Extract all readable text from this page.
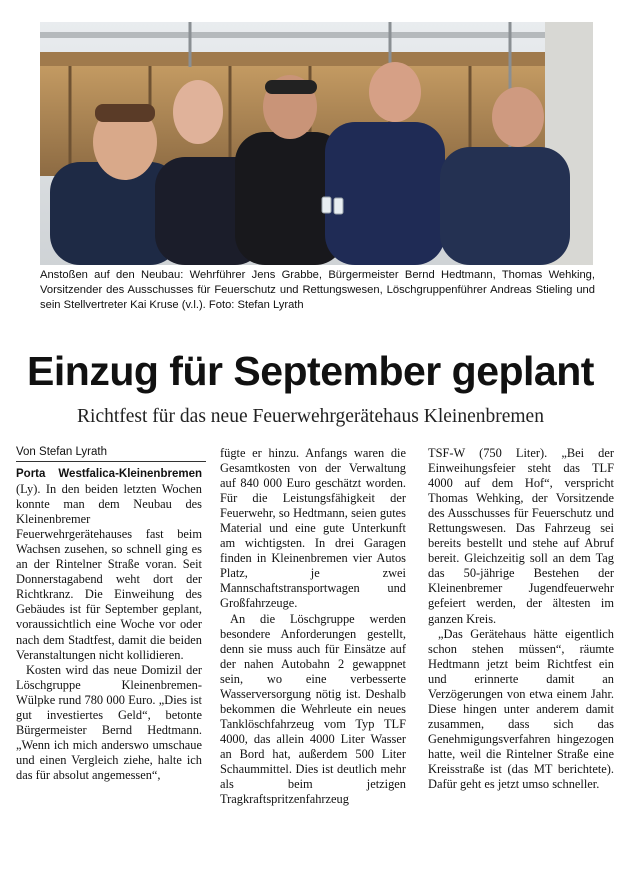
Anstoßen auf den Neubau: Wehrführer Jens Grabbe, Bürgermeister Bernd Hedtmann, Thomas Wehking, Vorsitzender des Ausschusses für Feuerschutz und Rettungswesen, Löschgruppenführer Andreas Stieling und sein Stellvertreter Kai Kruse (v.l.). Foto: Stefan Lyrath
Einzug für September geplant
Richtfest für das neue Feuerwehrgerätehaus Kleinenbremen
Von Stefan Lyrath

Porta Westfalica-Kleinenbremen (Ly). In den beiden letzten Wochen konnte man dem Neubau des Kleinenbremer Feuerwehrgerätehauses fast beim Wachsen zusehen, so schnell ging es an der Rintelner Straße voran. Seit Donnerstagabend weht dort der Richtkranz. Die Einweihung des Gebäudes ist für September geplant, voraussichtlich eine Woche vor oder nach dem Stadtfest, damit die beiden Veranstaltungen nicht kollidieren.

Kosten wird das neue Domizil der Löschgruppe Kleinenbremen-Wülpke rund 780 000 Euro. „Dies ist gut investiertes Geld“, betonte Bürgermeister Bernd Hedtmann. „Wenn ich mich anderswo umschaue und einen Vergleich ziehe, halte ich das für absolut angemessen“,

fügte er hinzu. Anfangs waren die Gesamtkosten von der Verwaltung auf 840 000 Euro geschätzt worden. Für die Leistungsfähigkeit der Feuerwehr, so Hedtmann, seien gutes Material und eine gute Unterkunft am wichtigsten. In drei Garagen finden in Kleinenbremen vier Autos Platz, je zwei Mannschaftstransportwagen und Großfahrzeuge.

An die Löschgruppe werden besondere Anforderungen gestellt, denn sie muss auch für Einsätze auf der nahen Autobahn 2 gewappnet sein, wo eine verbesserte Wasserversorgung nötig ist. Deshalb bekommen die Wehrleute ein neues Tanklöschfahrzeug vom Typ TLF 4000, das allein 4000 Liter Wasser an Bord hat, außerdem 500 Liter Schaummittel. Dies ist deutlich mehr als beim jetzigen Tragkraftspritzenfahrzeug

TSF-W (750 Liter). „Bei der Einweihungsfeier steht das TLF 4000 auf dem Hof“, verspricht Thomas Wehking, der Vorsitzende des Ausschusses für Feuerschutz und Rettungswesen. Das Fahrzeug sei bereits bestellt und stehe auf Abruf bereit. Gleichzeitig soll an dem Tag das 50-jährige Bestehen der Kleinenbremer Jugendfeuerwehr gefeiert werden, der ältesten im ganzen Kreis.

„Das Gerätehaus hätte eigentlich schon stehen müssen“, räumte Hedtmann jetzt beim Richtfest ein und erinnerte damit an Verzögerungen von etwa einem Jahr. Diese hingen unter anderem damit zusammen, dass sich das Genehmigungsverfahren hingezogen hatte, weil die Rintelner Straße eine Kreisstraße ist (das MT berichtete). Dafür geht es jetzt umso schneller.
